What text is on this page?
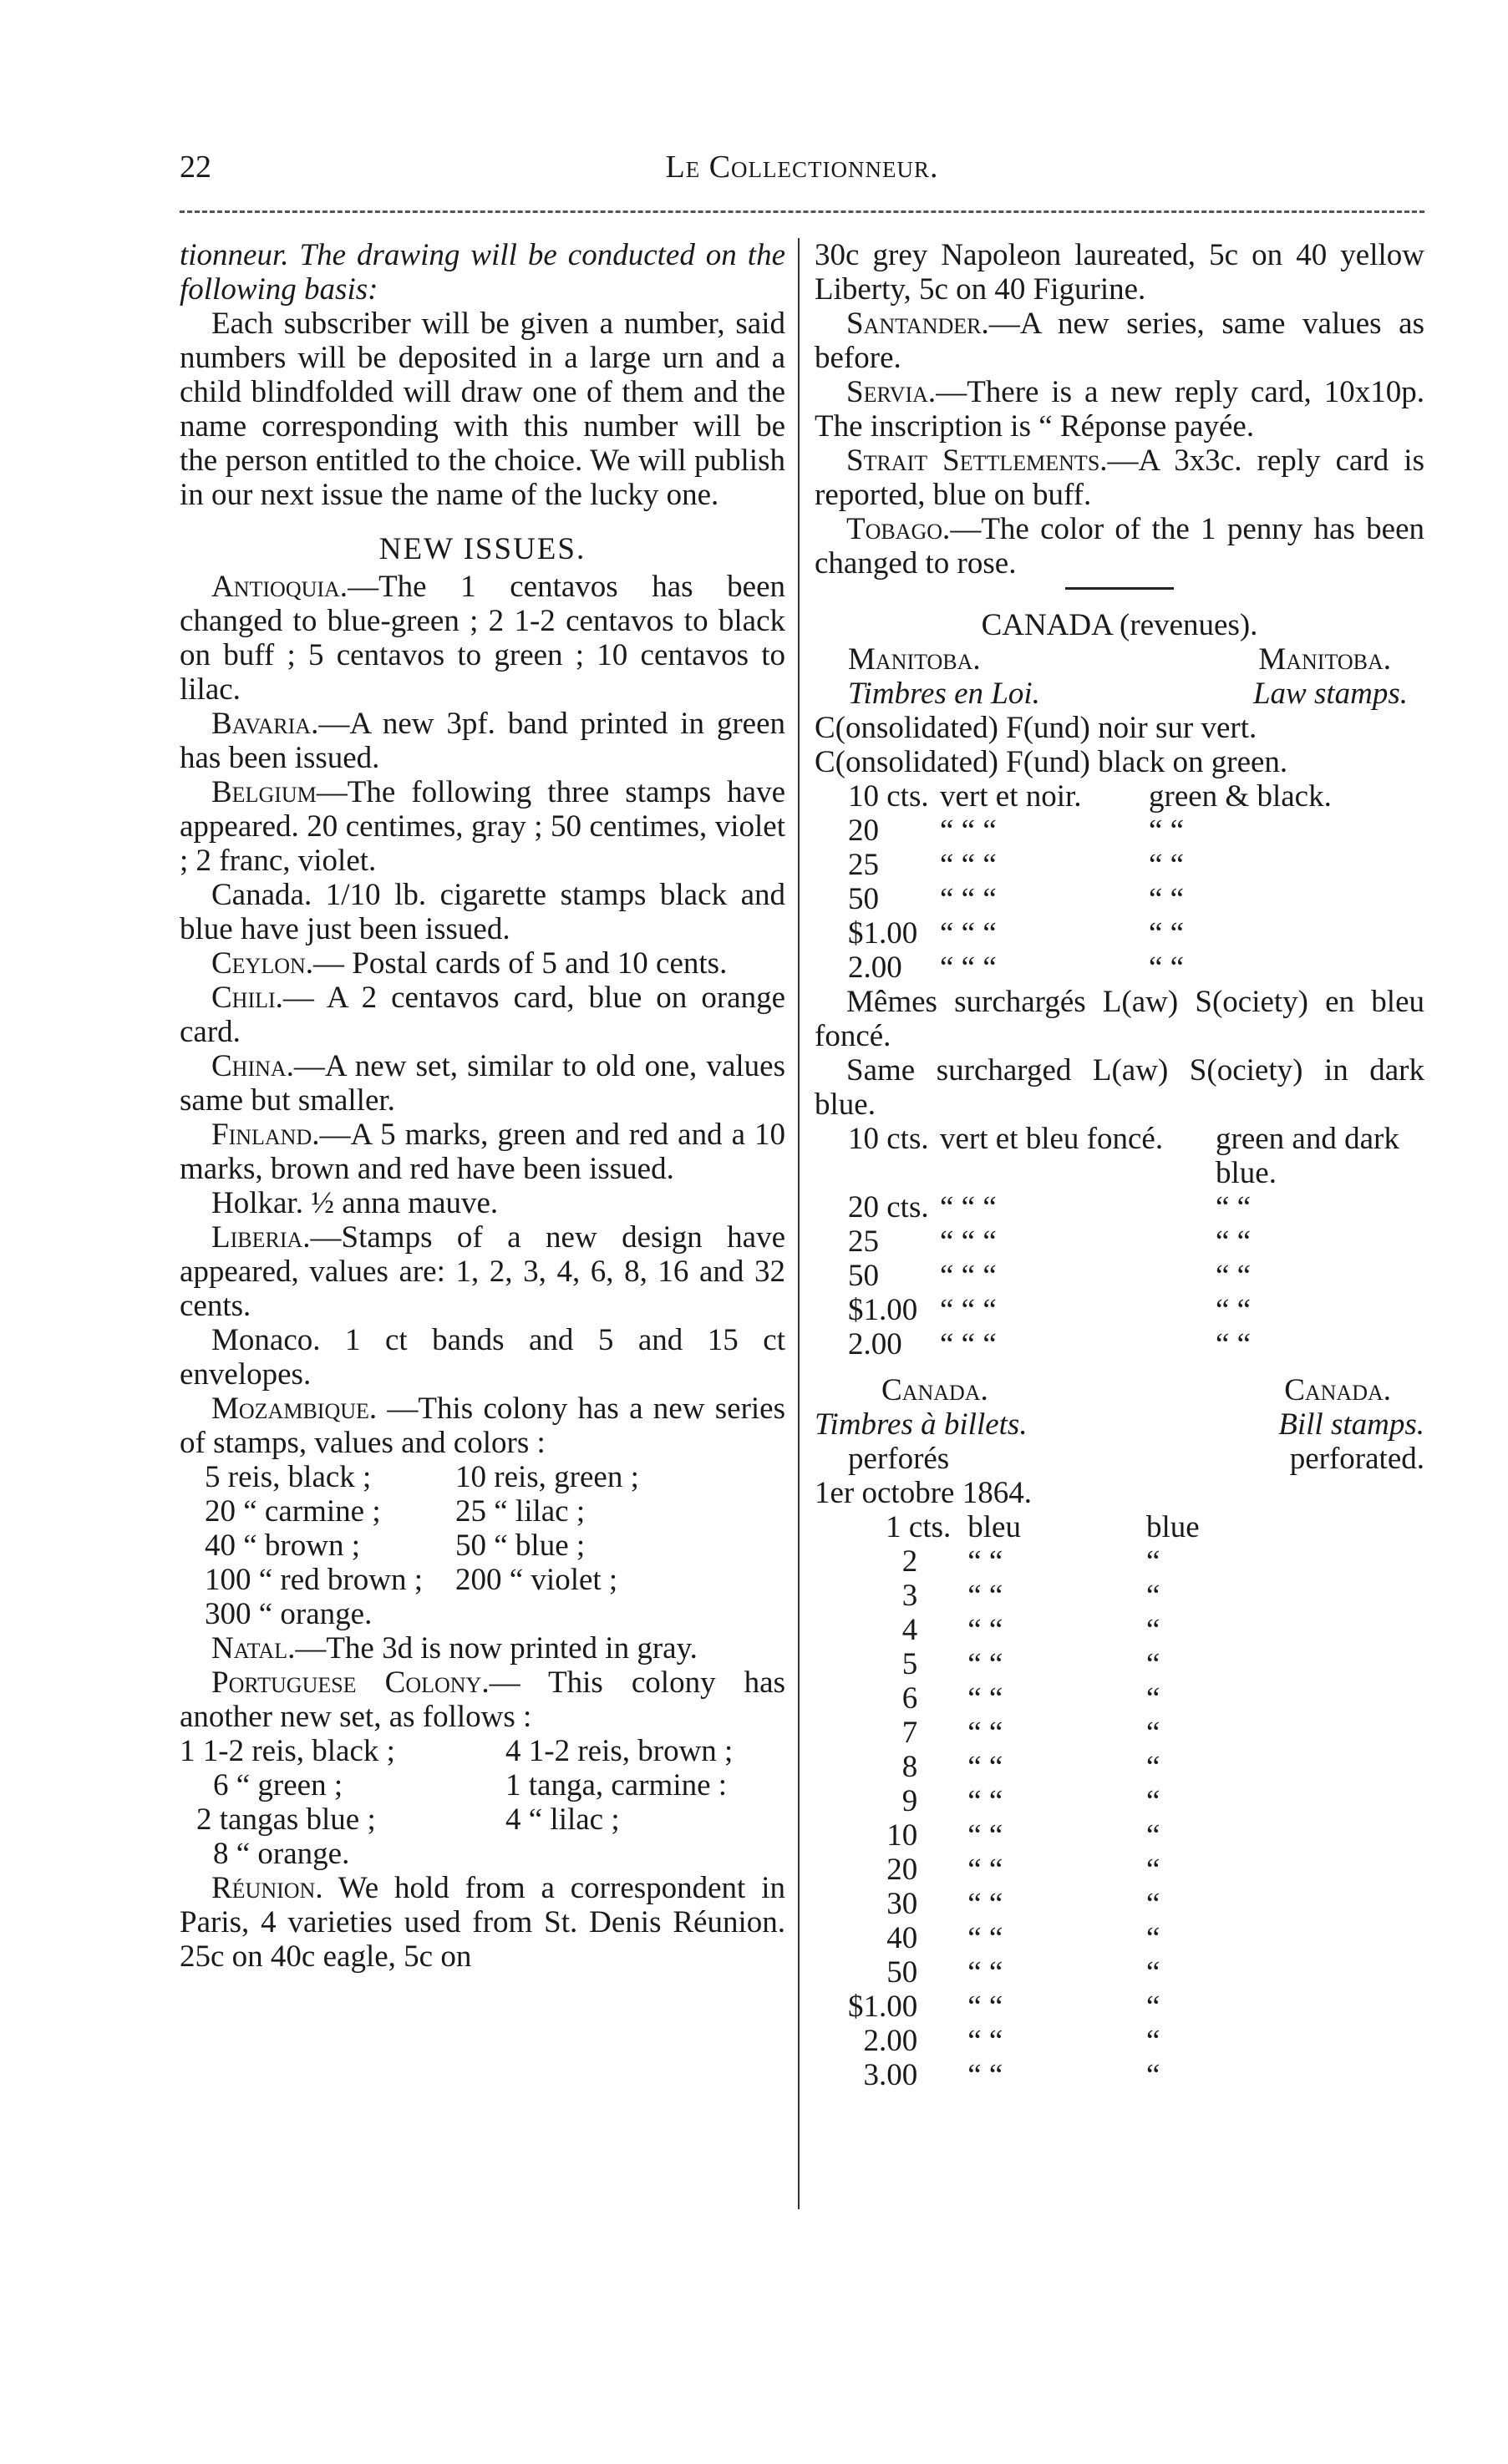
22	Le Collectionneur.

tionneur. The drawing will be conducted on the following basis:

Each subscriber will be given a number, said numbers will be deposited in a large urn and a child blindfolded will draw one of them and the name corresponding with this number will be the person entitled to the choice. We will publish in our next issue the name of the lucky one.

NEW ISSUES.

Antioquia.—The 1 centavos has been changed to blue-green ; 2 1-2 centavos to black on buff ; 5 centavos to green ; 10 centavos to lilac.

Bavaria.—A new 3pf. band printed in green has been issued.

Belgium—The following three stamps have appeared. 20 centimes, gray ; 50 centimes, violet ; 2 franc, violet.

Canada. 1/10 lb. cigarette stamps black and blue have just been issued.

Ceylon.— Postal cards of 5 and 10 cents.

Chili.— A 2 centavos card, blue on orange card.

China.—A new set, similar to old one, values same but smaller.

Finland.—A 5 marks, green and red and a 10 marks, brown and red have been issued.

Holkar. ½ anna mauve.

Liberia.—Stamps of a new design have appeared, values are: 1, 2, 3, 4, 6, 8, 16 and 32 cents.

Monaco. 1 ct bands and 5 and 15 ct envelopes.

Mozambique. —This colony has a new series of stamps, values and colors :

5 reis, black ;	10 reis, green ;
20 “ carmine ;	25 “ lilac ;
40 “ brown ;	50 “ blue ;
100 “ red brown ;	200 “ violet ;
300 “ orange.	

Natal.—The 3d is now printed in gray.

Portuguese Colony.— This colony has another new set, as follows :

1 1-2 reis, black ;	4 1-2 reis, brown ;
6 “ green ;	1 tanga, carmine :
2 tangas blue ;	4 “ lilac ;
8 “ orange.	

Réunion. We hold from a correspondent in Paris, 4 varieties used from St. Denis Réunion. 25c on 40c eagle, 5c on

30c grey Napoleon laureated, 5c on 40 yellow Liberty, 5c on 40 Figurine.

Santander.—A new series, same values as before.

Servia.—There is a new reply card, 10x10p. The inscription is “ Réponse payée.

Strait Settlements.—A 3x3c. reply card is reported, blue on buff.

Tobago.—The color of the 1 penny has been changed to rose.

CANADA (revenues).
Manitoba.	Manitoba.
Timbres en Loi.	Law stamps.

C(onsolidated) F(und) noir sur vert.

C(onsolidated) F(und) black on green.

10 cts.	vert et noir.	green & black.
20	“ “ “	“ “
25	“ “ “	“ “
50	“ “ “	“ “
$1.00	“ “ “	“ “
2.00	“ “ “	“ “

Mêmes surchargés L(aw) S(ociety) en bleu foncé.

Same surcharged L(aw) S(ociety) in dark blue.

10 cts.	vert et bleu foncé.	green and dark blue.
20 cts.	“ “ “	“ “
25	“ “ “	“ “
50	“ “ “	“ “
$1.00	“ “ “	“ “
2.00	“ “ “	“ “
Canada.	Canada.
Timbres à billets.	Bill stamps.
perforés	perforated.

1er octobre 1864.

1 cts.	bleu	blue
2	“ “	“
3	“ “	“
4	“ “	“
5	“ “	“
6	“ “	“
7	“ “	“
8	“ “	“
9	“ “	“
10	“ “	“
20	“ “	“
30	“ “	“
40	“ “	“
50	“ “	“
$1.00	“ “	“
2.00	“ “	“
3.00	“ “	“
